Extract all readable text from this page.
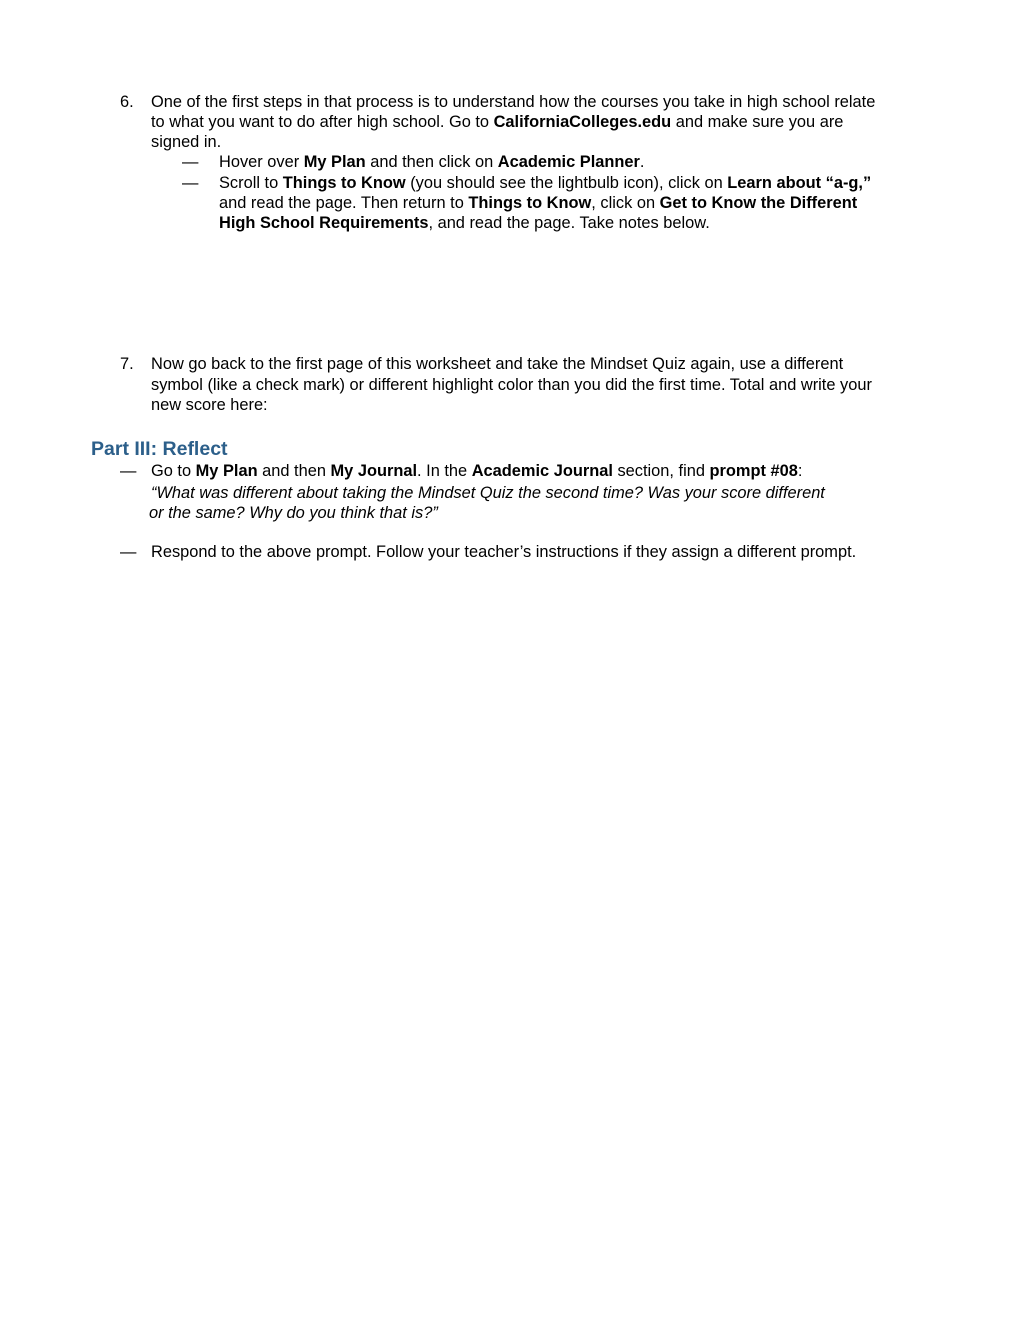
6. One of the first steps in that process is to understand how the courses you take in high school relate
to what you want to do after high school. Go to CaliforniaColleges.edu and make sure you are
signed in.
— Hover over My Plan and then click on Academic Planner.
— Scroll to Things to Know (you should see the lightbulb icon), click on Learn about “a-g,”
and read the page. Then return to Things to Know, click on Get to Know the Different
High School Requirements, and read the page. Take notes below.
7. Now go back to the first page of this worksheet and take the Mindset Quiz again, use a different
symbol (like a check mark) or different highlight color than you did the first time. Total and write your
new score here:
Part III: Reflect
— Go to My Plan and then My Journal. In the Academic Journal section, find prompt #08:
“What was different about taking the Mindset Quiz the second time? Was your score different
or the same? Why do you think that is?”
— Respond to the above prompt. Follow your teacher’s instructions if they assign a different prompt.
